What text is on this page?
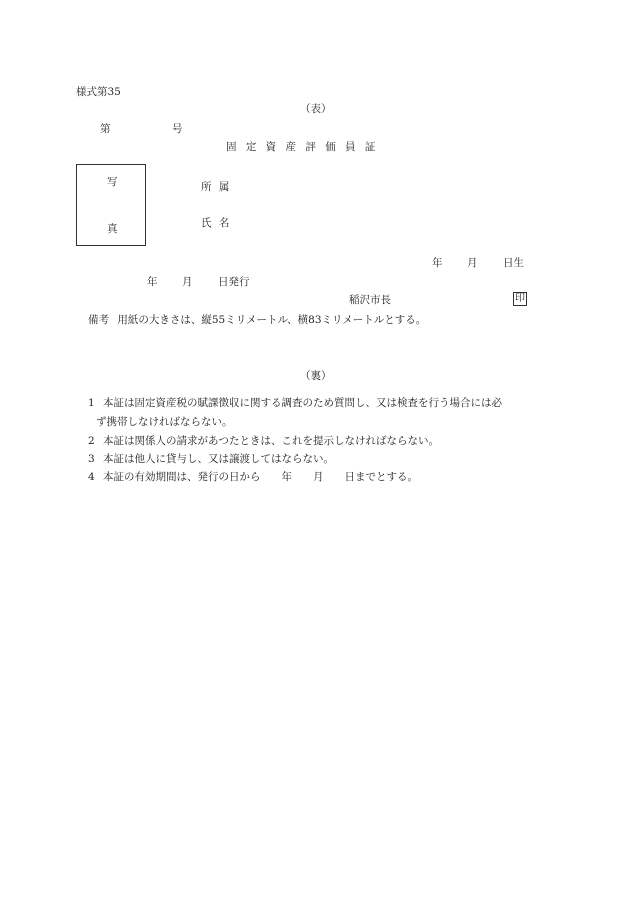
様式第35
（表）
第	号
固 定 資 産 評 価 員 証
写
真
所 属
氏 名
年 月 日生
年 月 日発行
稲沢市長	印
備考 用紙の大きさは、縦55ミリメートル、横83ミリメートルとする。
（裏）
1 本証は固定資産税の賦課徴収に関する調査のため質問し、又は検査を行う場合には必
ず携帯しなければならない。
2 本証は関係人の請求があつたときは、これを提示しなければならない。
3 本証は他人に貸与し、又は譲渡してはならない。
4 本証の有効期間は、発行の日から　　年　　月　　日までとする。
